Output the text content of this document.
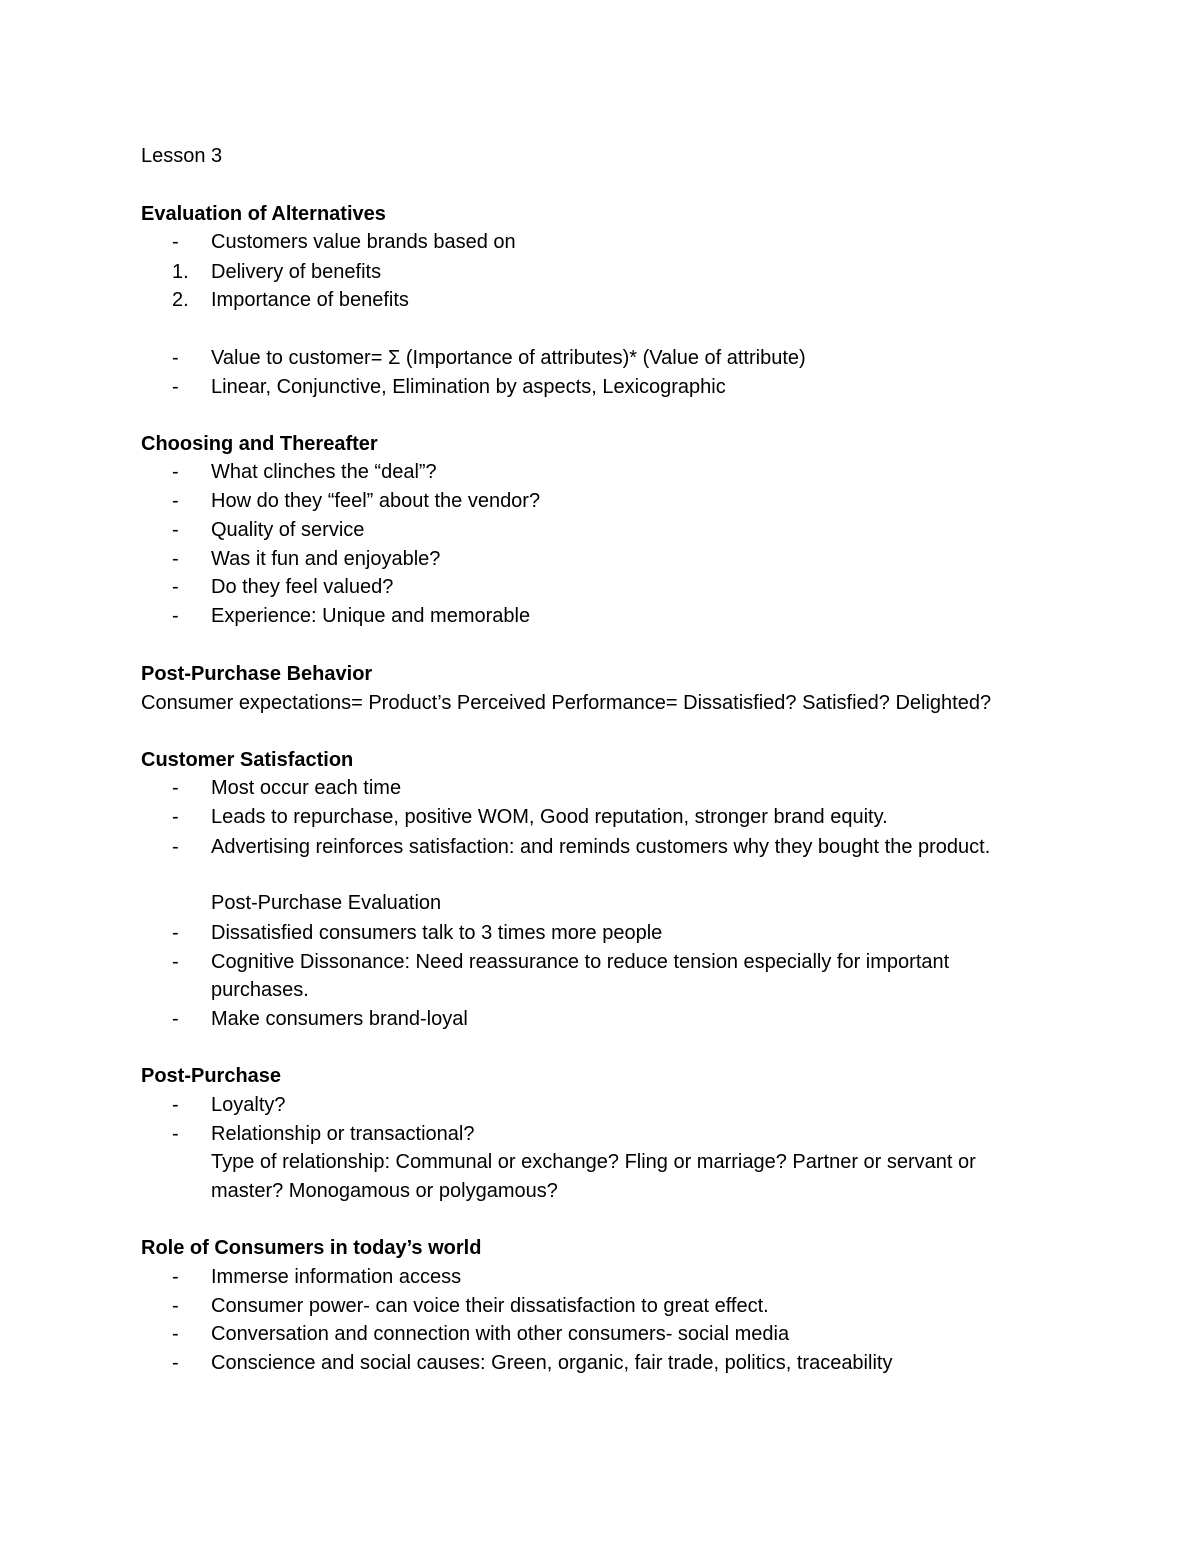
Lesson 3
Evaluation of Alternatives
-	Customers value brands based on
1. Delivery of benefits
2. Importance of benefits
-	Value to customer= Σ (Importance of attributes)* (Value of attribute)
-	Linear, Conjunctive, Elimination by aspects, Lexicographic
Choosing and Thereafter
-	What clinches the “deal”?
-	How do they “feel” about the vendor?
-	Quality of service
-	Was it fun and enjoyable?
-	Do they feel valued?
-	Experience: Unique and memorable
Post-Purchase Behavior
Consumer expectations= Product’s Perceived Performance= Dissatisfied? Satisfied? Delighted?
Customer Satisfaction
-	Most occur each time
-	Leads to repurchase, positive WOM, Good reputation, stronger brand equity.
-	Advertising reinforces satisfaction: and reminds customers why they bought the product.
Post-Purchase Evaluation
-	Dissatisfied consumers talk to 3 times more people
-	Cognitive Dissonance: Need reassurance to reduce tension especially for important
purchases.
-	Make consumers brand-loyal
Post-Purchase
-	Loyalty?
-	Relationship or transactional?
Type of relationship: Communal or exchange? Fling or marriage? Partner or servant or
master? Monogamous or polygamous?
Role of Consumers in today’s world
-	Immerse information access
-	Consumer power- can voice their dissatisfaction to great effect.
-	Conversation and connection with other consumers- social media
-	Conscience and social causes: Green, organic, fair trade, politics, traceability
